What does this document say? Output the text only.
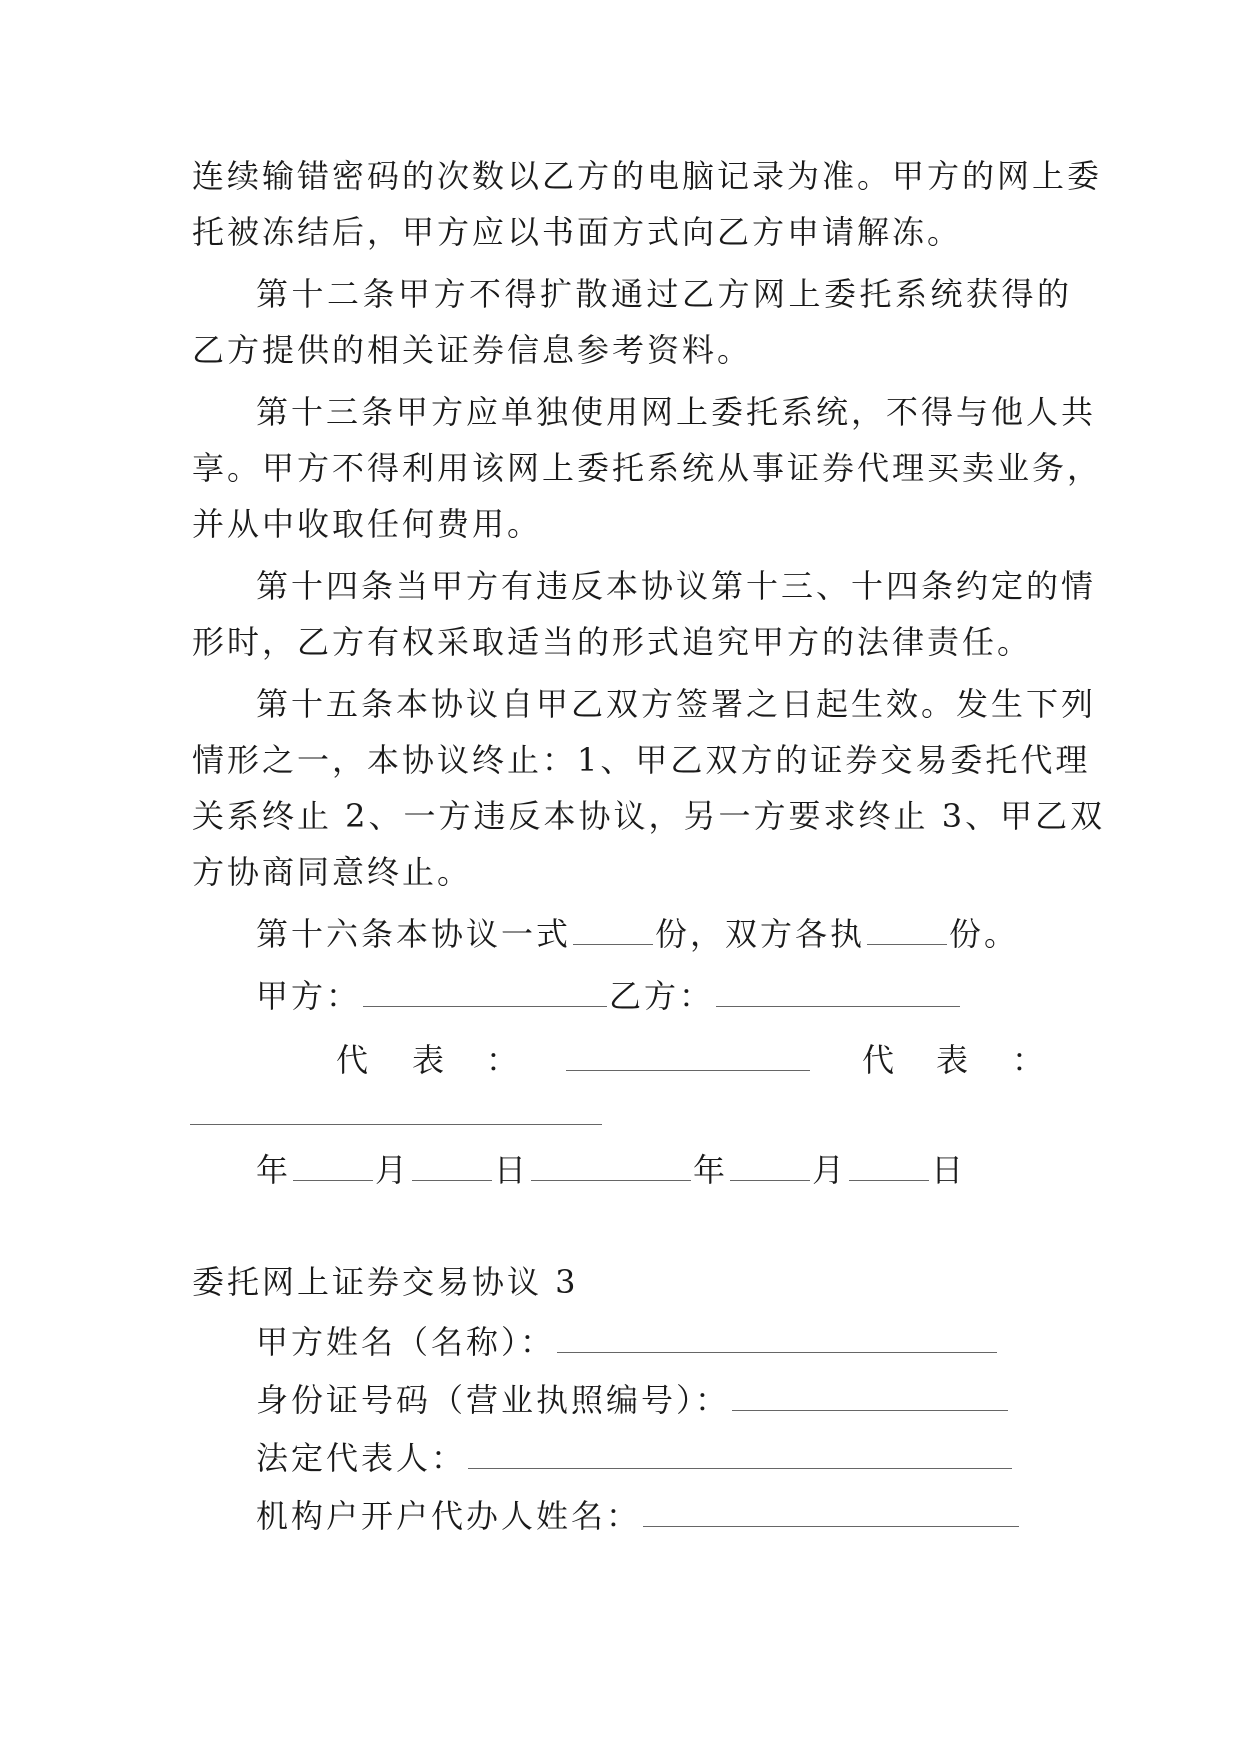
连续输错密码的次数以乙方的电脑记录为准。甲方的网上委
托被冻结后，甲方应以书面方式向乙方申请解冻。
第十二条甲方不得扩散通过乙方网上委托系统获得的
乙方提供的相关证券信息参考资料。
第十三条甲方应单独使用网上委托系统，不得与他人共
享。甲方不得利用该网上委托系统从事证券代理买卖业务，
并从中收取任何费用。
第十四条当甲方有违反本协议第十三、十四条约定的情
形时，乙方有权采取适当的形式追究甲方的法律责任。
第十五条本协议自甲乙双方签署之日起生效。发生下列
情形之一，本协议终止：1、甲乙双方的证券交易委托代理
关系终止 2、一方违反本协议，另一方要求终止 3、甲乙双
方协商同意终止。
第十六条本协议一式	份，双方各执	份。
甲方：	乙方：
代 表 ：	代 表 ：
年	月	日	年	月	日
委托网上证券交易协议 3
甲方姓名（名称）：
身份证号码（营业执照编号）：
法定代表人：
机构户开户代办人姓名：
